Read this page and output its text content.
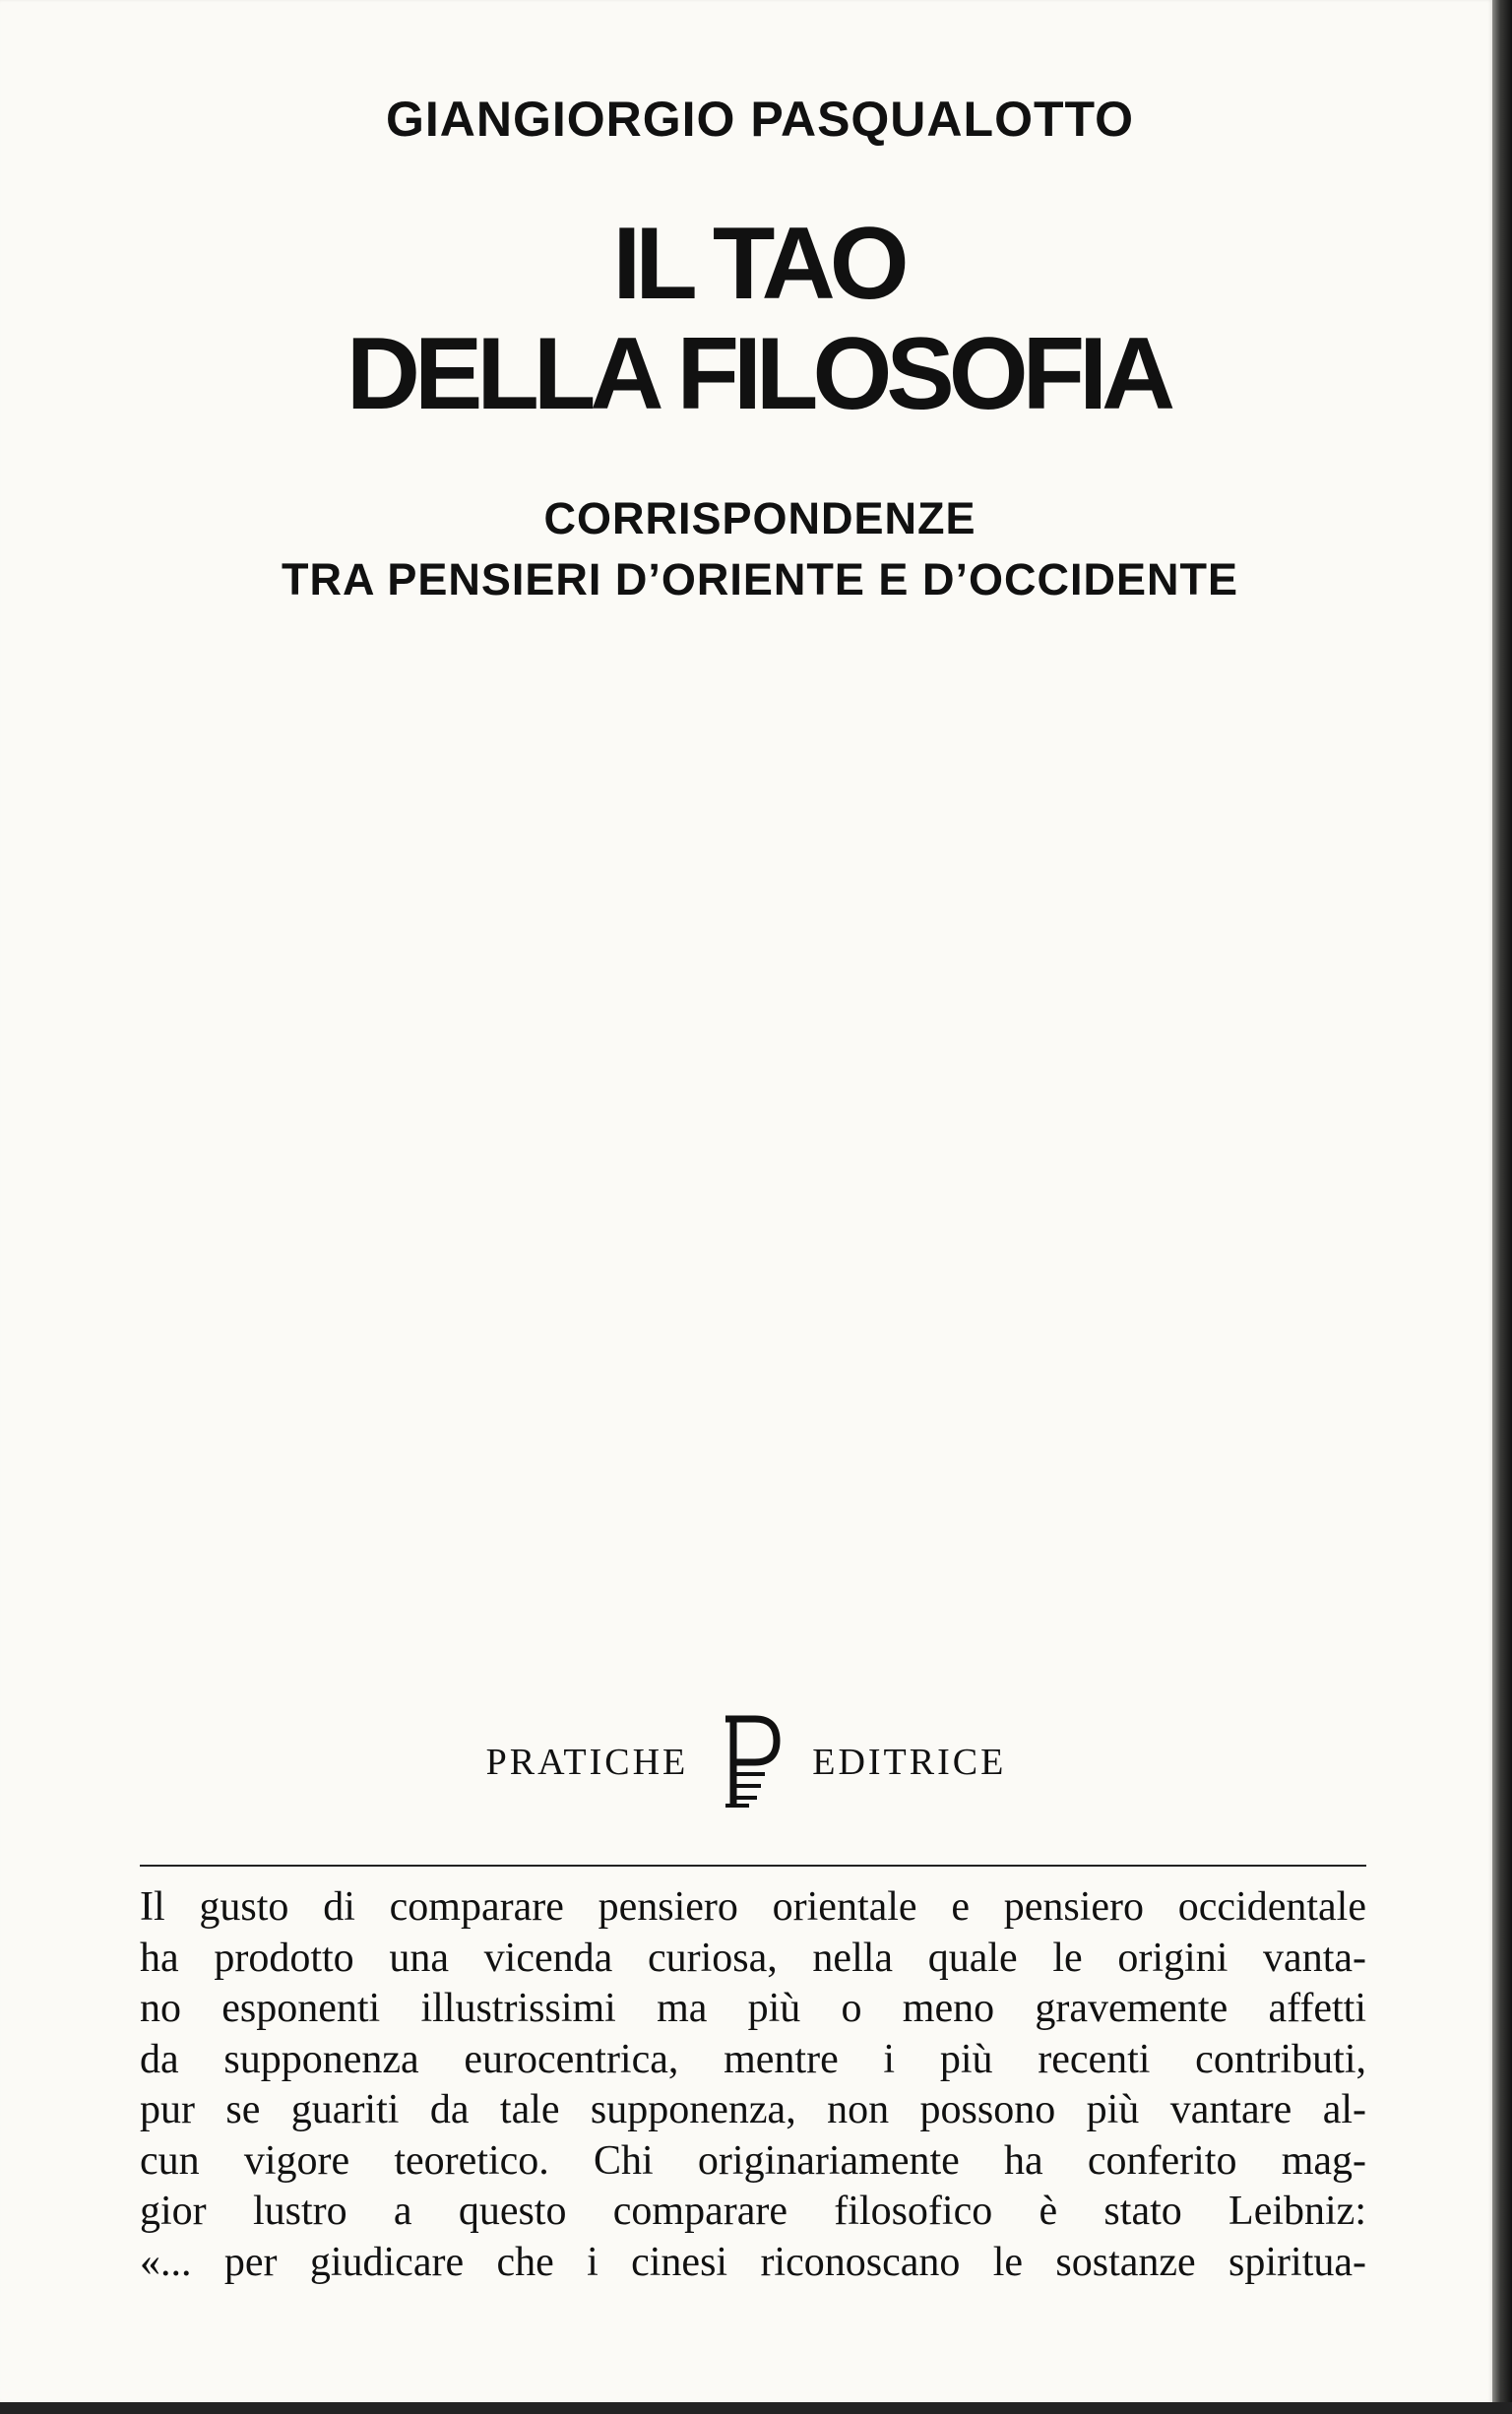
GIANGIORGIO PASQUALOTTO
IL TAO
DELLA FILOSOFIA
CORRISPONDENZE
TRA PENSIERI D’ORIENTE E D’OCCIDENTE
PRATICHE	EDITRICE
Il gusto di comparare pensiero orientale e pensiero occidentale
ha prodotto una vicenda curiosa, nella quale le origini vanta-
no esponenti illustrissimi ma più o meno gravemente affetti
da supponenza eurocentrica, mentre i più recenti contributi,
pur se guariti da tale supponenza, non possono più vantare al-
cun vigore teoretico. Chi originariamente ha conferito mag-
gior lustro a questo comparare filosofico è stato Leibniz:
«... per giudicare che i cinesi riconoscano le sostanze spiritua-
